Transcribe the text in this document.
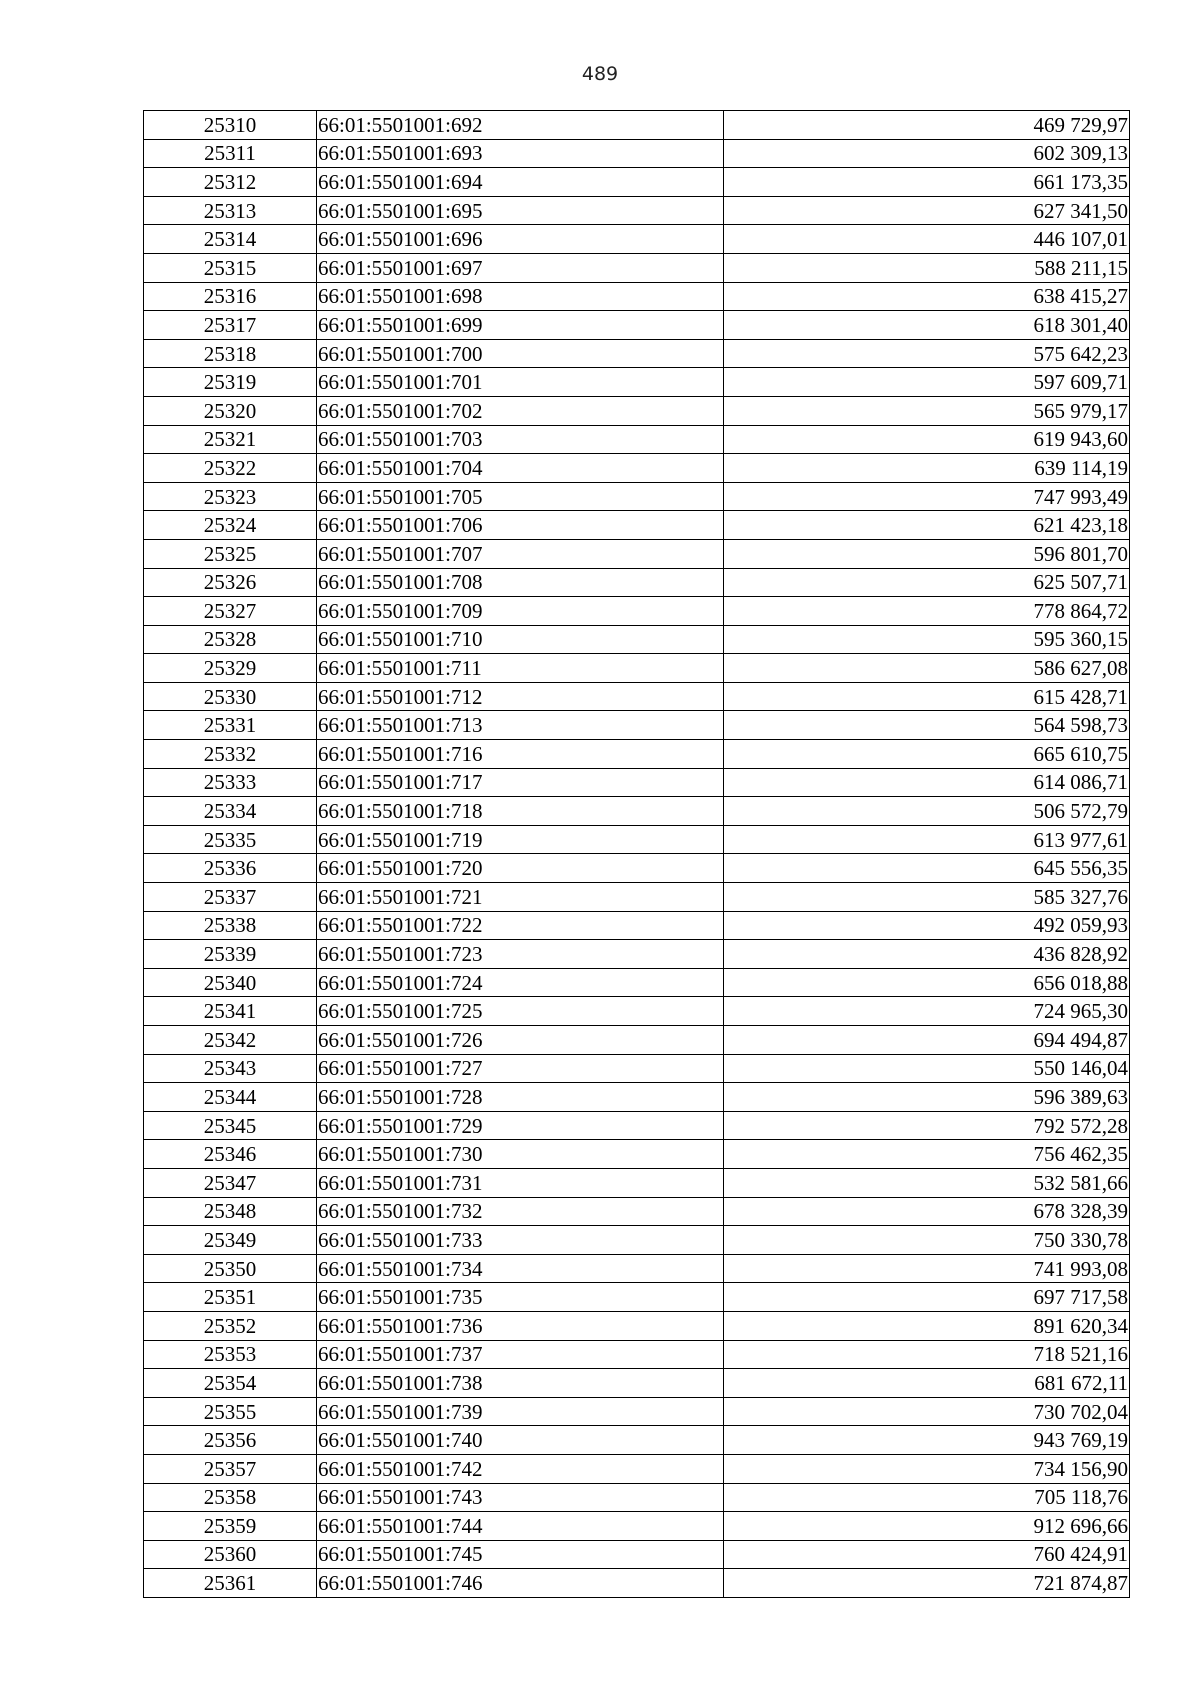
489
25310	66:01:5501001:692	469 729,97
25311	66:01:5501001:693	602 309,13
25312	66:01:5501001:694	661 173,35
25313	66:01:5501001:695	627 341,50
25314	66:01:5501001:696	446 107,01
25315	66:01:5501001:697	588 211,15
25316	66:01:5501001:698	638 415,27
25317	66:01:5501001:699	618 301,40
25318	66:01:5501001:700	575 642,23
25319	66:01:5501001:701	597 609,71
25320	66:01:5501001:702	565 979,17
25321	66:01:5501001:703	619 943,60
25322	66:01:5501001:704	639 114,19
25323	66:01:5501001:705	747 993,49
25324	66:01:5501001:706	621 423,18
25325	66:01:5501001:707	596 801,70
25326	66:01:5501001:708	625 507,71
25327	66:01:5501001:709	778 864,72
25328	66:01:5501001:710	595 360,15
25329	66:01:5501001:711	586 627,08
25330	66:01:5501001:712	615 428,71
25331	66:01:5501001:713	564 598,73
25332	66:01:5501001:716	665 610,75
25333	66:01:5501001:717	614 086,71
25334	66:01:5501001:718	506 572,79
25335	66:01:5501001:719	613 977,61
25336	66:01:5501001:720	645 556,35
25337	66:01:5501001:721	585 327,76
25338	66:01:5501001:722	492 059,93
25339	66:01:5501001:723	436 828,92
25340	66:01:5501001:724	656 018,88
25341	66:01:5501001:725	724 965,30
25342	66:01:5501001:726	694 494,87
25343	66:01:5501001:727	550 146,04
25344	66:01:5501001:728	596 389,63
25345	66:01:5501001:729	792 572,28
25346	66:01:5501001:730	756 462,35
25347	66:01:5501001:731	532 581,66
25348	66:01:5501001:732	678 328,39
25349	66:01:5501001:733	750 330,78
25350	66:01:5501001:734	741 993,08
25351	66:01:5501001:735	697 717,58
25352	66:01:5501001:736	891 620,34
25353	66:01:5501001:737	718 521,16
25354	66:01:5501001:738	681 672,11
25355	66:01:5501001:739	730 702,04
25356	66:01:5501001:740	943 769,19
25357	66:01:5501001:742	734 156,90
25358	66:01:5501001:743	705 118,76
25359	66:01:5501001:744	912 696,66
25360	66:01:5501001:745	760 424,91
25361	66:01:5501001:746	721 874,87
